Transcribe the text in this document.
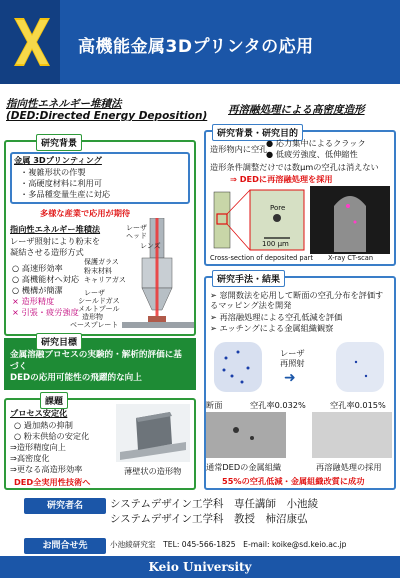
高機能金属3Dプリンタの応用
指向性エネルギー堆積法
(DED:Directed Energy Deposition)
研究背景
金属 3Dプリンティング
・複雑形状の作製
・高硬度材料に利用可
・多品種変量生産に対応
多様な産業で応用が期待
指向性エネルギー堆積法
レーザ照射により粉末を
凝結させる造形方式
○ 高速形効率
○ 高機能材へ対応
○ 機構が簡潔
× 造形精度
× 引張・疲労強度
レーザ
ヘッド
レンズ
保護ガラス
粉末材料
キャリアガス
レーザ
シールドガス
メルトプール
造形物
ベースプレート
金属溶融プロセスの実験的・解析的評価に基づく
DEDの応用可能性の飛躍的な向上
研究目標
課題
プロセス安定化
○ 過加熱の抑制
○ 粉末供給の安定化
⇒造形精度向上
⇒高密度化
⇒更なる高造形効率
DED全実用性技術へ
薄壁状の造形物
再溶融処理による高密度造形
研究背景・研究目的
造形物内に空孔
● 応力集中によるクラック
● 低疲労強度、低伸縮性
造形条件調整だけでは数μmの空孔は消えない
⇒ DEDに再溶融処理を採用
Pore
100 μm
Cross-section of deposited part X-ray CT-scan
研究手法・結果
➢ 窓開数法を応用して断面の空孔分布を評価するマッピング法を開発
➢ 再溶融処理による空孔低減を評価
➢ エッチングによる金属組織観察
レーザ
再照射
➜
断面	空孔率0.032%	空孔率0.015%
通常DEDの金属組織	再溶融処理の採用
55%の空孔低減・金属組織改質に成功
研究者名	システムデザイン工学科　 専任講師　 小池綾
システムデザイン工学科　 教授　 柿沼康弘
お問合せ先	小池綾研究室　TEL: 045-566-1825　E-mail: koike@sd.keio.ac.jp
Keio University
